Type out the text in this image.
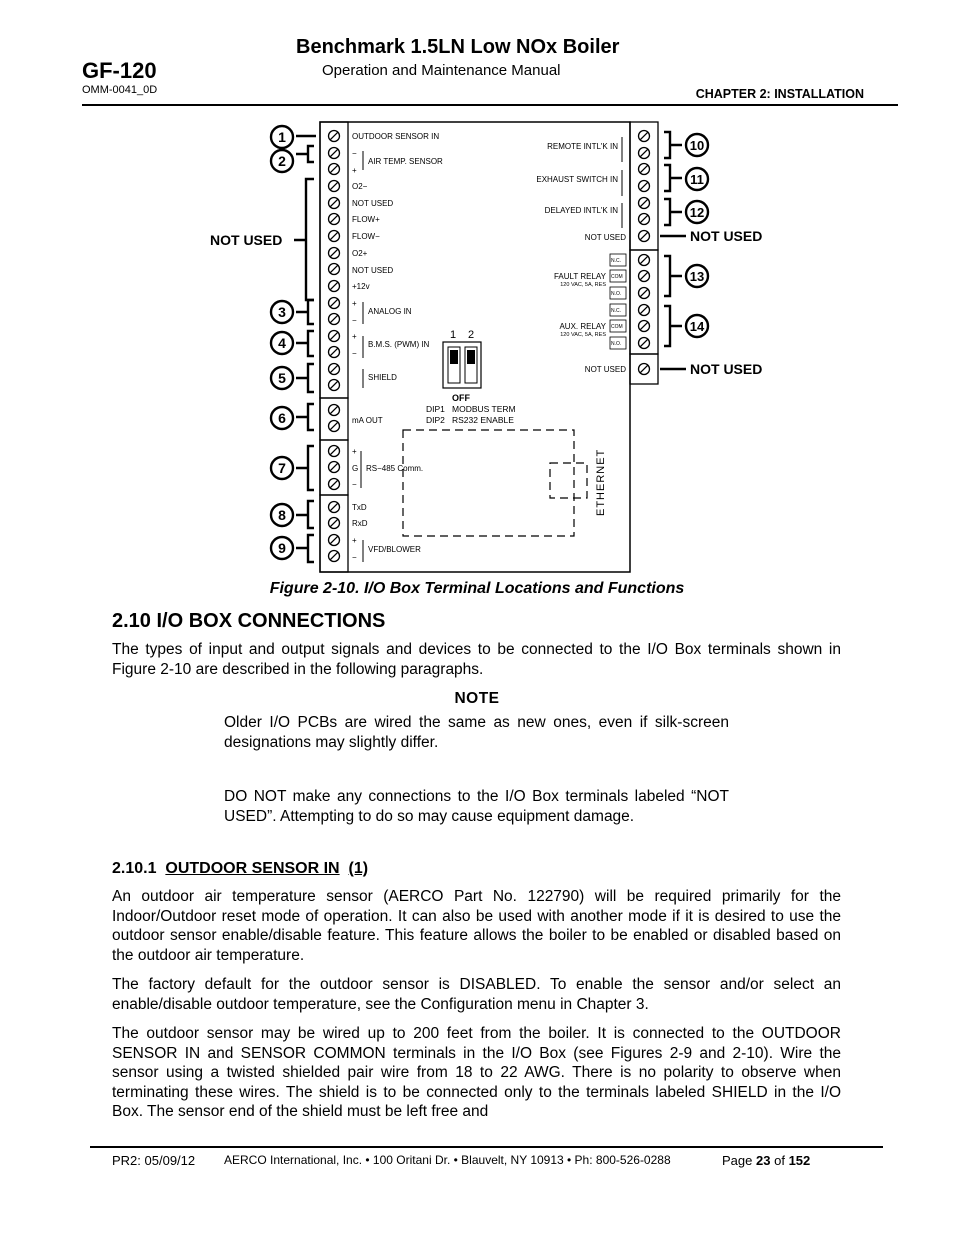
Benchmark 1.5LN Low NOx Boiler
Operation and Maintenance Manual
GF-120
OMM-0041_0D	CHAPTER 2: INSTALLATION
OUTDOOR SENSOR IN
−
AIR TEMP. SENSOR
+
O2−
NOT USED
FLOW+
FLOW−
O2+
NOT USED
+12v
+
ANALOG IN
−
+
B.M.S. (PWM) IN
−
SHIELD
mA OUT
+
G RS−485 Comm.
−
TxD
RxD
+
VFD/BLOWER
−
REMOTE INTL'K IN
EXHAUST SWITCH IN
DELAYED INTL'K IN
NOT USED
FAULT RELAY
120 VAC, 5A, RES
AUX. RELAY
120 VAC, 5A, RES
NOT USED
N.C.
COM
N.O.
N.C.
COM
N.O.
1 2
OFF
DIP1 MODBUS TERM
DIP2 RS232 ENABLE
ETHERNET
1
2
3
4
5
6
7
8
9
10
11
12
13
14
NOT USED	NOT USED
NOT USED
Figure 2-10. I/O Box Terminal Locations and Functions
2.10 I/O BOX CONNECTIONS
The types of input and output signals and devices to be connected to the I/O Box terminals shown in Figure 2-10 are described in the following paragraphs.
NOTE
Older I/O PCBs are wired the same as new ones, even if silk-screen designations may slightly differ.
DO NOT make any connections to the I/O Box terminals labeled “NOT USED”. Attempting to do so may cause equipment damage.
2.10.1 OUTDOOR SENSOR IN (1)
An outdoor air temperature sensor (AERCO Part No. 122790) will be required primarily for the Indoor/Outdoor reset mode of operation. It can also be used with another mode if it is desired to use the outdoor sensor enable/disable feature. This feature allows the boiler to be enabled or disabled based on the outdoor air temperature.
The factory default for the outdoor sensor is DISABLED. To enable the sensor and/or select an enable/disable outdoor temperature, see the Configuration menu in Chapter 3.
The outdoor sensor may be wired up to 200 feet from the boiler. It is connected to the OUTDOOR SENSOR IN and SENSOR COMMON terminals in the I/O Box (see Figures 2-9 and 2-10). Wire the sensor using a twisted shielded pair wire from 18 to 22 AWG. There is no polarity to observe when terminating these wires. The shield is to be connected only to the terminals labeled SHIELD in the I/O Box. The sensor end of the shield must be left free and
PR2: 05/09/12 AERCO International, Inc. • 100 Oritani Dr. • Blauvelt, NY 10913 • Ph: 800-526-0288	Page 23 of 152
